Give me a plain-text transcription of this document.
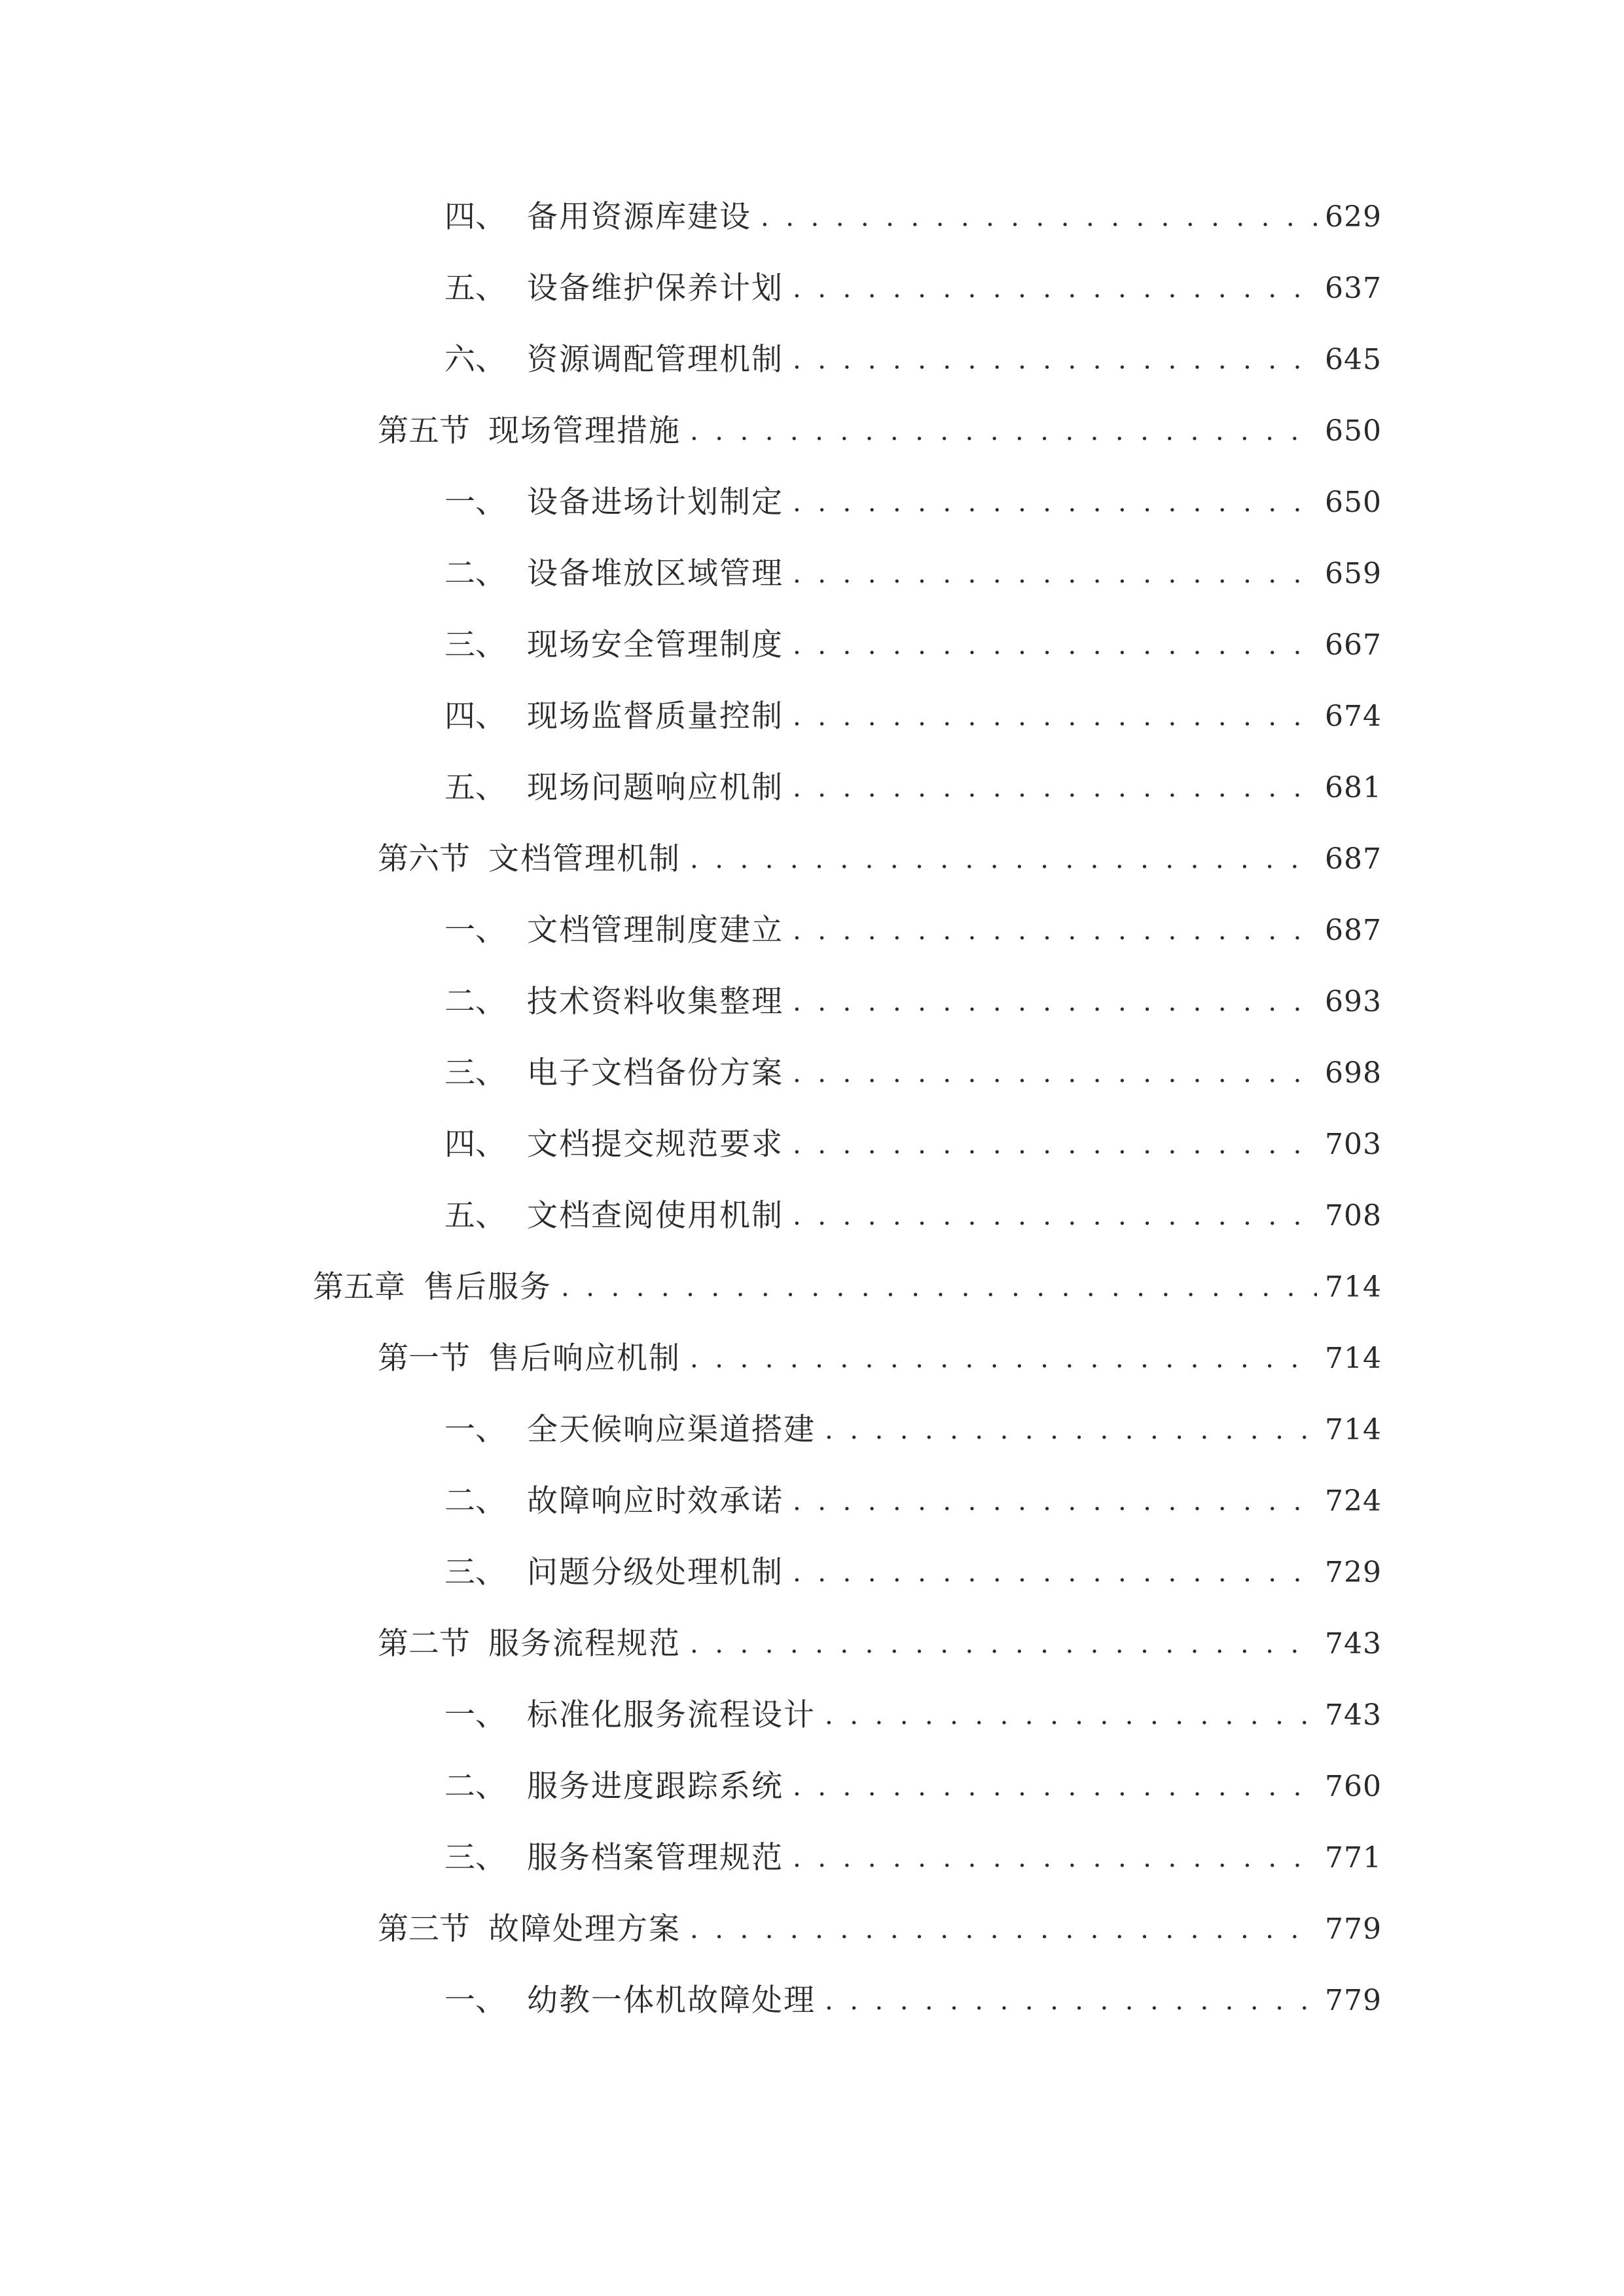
四、 备用资源库建设 . . .	629
五、 设备维护保养计划 . . .	637
六、 资源调配管理机制 . . .	645
第五节 现场管理措施 . . .	650
一、 设备进场计划制定 . . .	650
二、 设备堆放区域管理 . . .	659
三、 现场安全管理制度 . . .	667
四、 现场监督质量控制 . . .	674
五、 现场问题响应机制 . . .	681
第六节 文档管理机制 . . .	687
一、 文档管理制度建立 . . .	687
二、 技术资料收集整理 . . .	693
三、 电子文档备份方案 . . .	698
四、 文档提交规范要求 . . .	703
五、 文档查阅使用机制 . . .	708
第五章 售后服务 . . .	714
第一节 售后响应机制 . . .	714
一、 全天候响应渠道搭建 . . .	714
二、 故障响应时效承诺 . . .	724
三、 问题分级处理机制 . . .	729
第二节 服务流程规范 . . .	743
一、 标准化服务流程设计 . . .	743
二、 服务进度跟踪系统 . . .	760
三、 服务档案管理规范 . . .	771
第三节 故障处理方案 . . .	779
一、 幼教一体机故障处理 . . .	779
